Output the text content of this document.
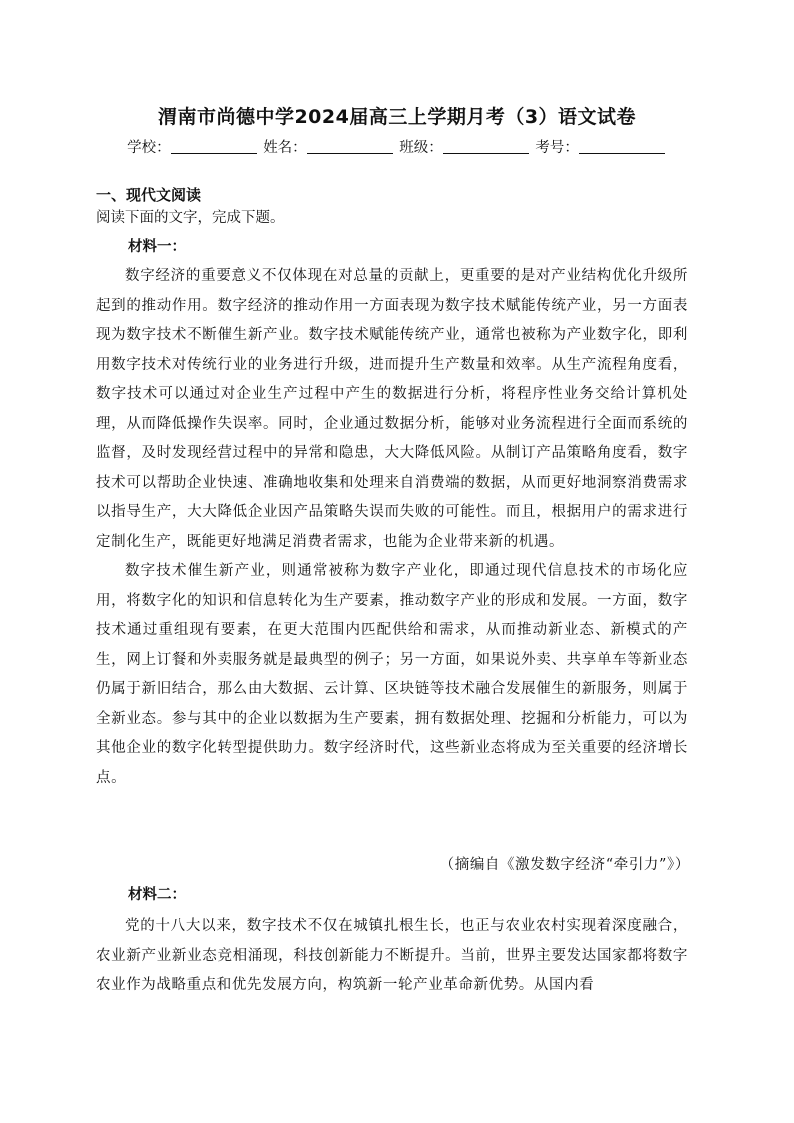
渭南市尚德中学2024届高三上学期月考（3）语文试卷
学校：	姓名：	班级：	考号：
一、现代文阅读
阅读下面的文字，完成下题。
材料一：

数字经济的重要意义不仅体现在对总量的贡献上，更重要的是对产业结构优化升级所起到的推动作用。数字经济的推动作用一方面表现为数字技术赋能传统产业，另一方面表现为数字技术不断催生新产业。数字技术赋能传统产业，通常也被称为产业数字化，即利用数字技术对传统行业的业务进行升级，进而提升生产数量和效率。从生产流程角度看，数字技术可以通过对企业生产过程中产生的数据进行分析，将程序性业务交给计算机处理，从而降低操作失误率。同时，企业通过数据分析，能够对业务流程进行全面而系统的监督，及时发现经营过程中的异常和隐患，大大降低风险。从制订产品策略角度看，数字技术可以帮助企业快速、准确地收集和处理来自消费端的数据，从而更好地洞察消费需求以指导生产，大大降低企业因产品策略失误而失败的可能性。而且，根据用户的需求进行定制化生产，既能更好地满足消费者需求，也能为企业带来新的机遇。

数字技术催生新产业，则通常被称为数字产业化，即通过现代信息技术的市场化应用，将数字化的知识和信息转化为生产要素，推动数字产业的形成和发展。一方面，数字技术通过重组现有要素，在更大范围内匹配供给和需求，从而推动新业态、新模式的产生，网上订餐和外卖服务就是最典型的例子；另一方面，如果说外卖、共享单车等新业态仍属于新旧结合，那么由大数据、云计算、区块链等技术融合发展催生的新服务，则属于全新业态。参与其中的企业以数据为生产要素，拥有数据处理、挖掘和分析能力，可以为其他企业的数字化转型提供助力。数字经济时代，这些新业态将成为至关重要的经济增长点。

（摘编自《激发数字经济“牵引力”》）
材料二：

党的十八大以来，数字技术不仅在城镇扎根生长，也正与农业农村实现着深度融合，农业新产业新业态竞相涌现，科技创新能力不断提升。当前，世界主要发达国家都将数字农业作为战略重点和优先发展方向，构筑新一轮产业革命新优势。从国内看
